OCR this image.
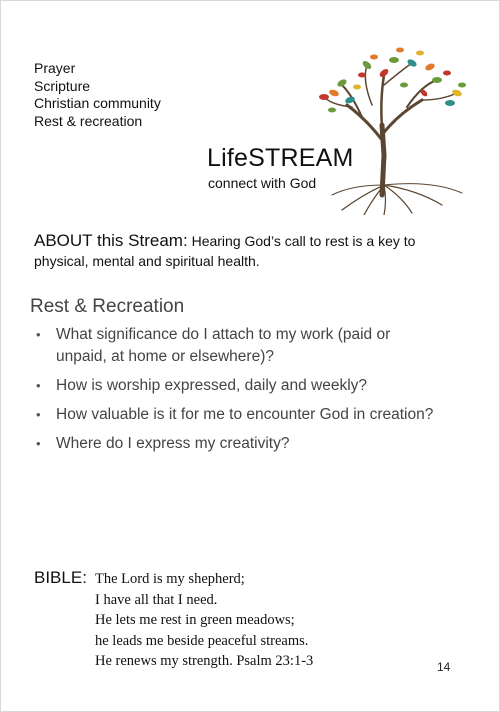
Prayer
Scripture
Christian community
Rest & recreation
LifeSTREAM
connect with God
ABOUT this Stream: Hearing God’s call to rest is a key to physical, mental and spiritual health.
Rest & Recreation
• What significance do I attach to my work (paid or unpaid, at home or elsewhere)?
• How is worship expressed, daily and weekly?
• How valuable is it for me to encounter God in creation?
• Where do I express my creativity?
BIBLE: The Lord is my shepherd;
I have all that I need.
He lets me rest in green meadows;
he leads me beside peaceful streams.
He renews my strength. Psalm 23:1-3	14
